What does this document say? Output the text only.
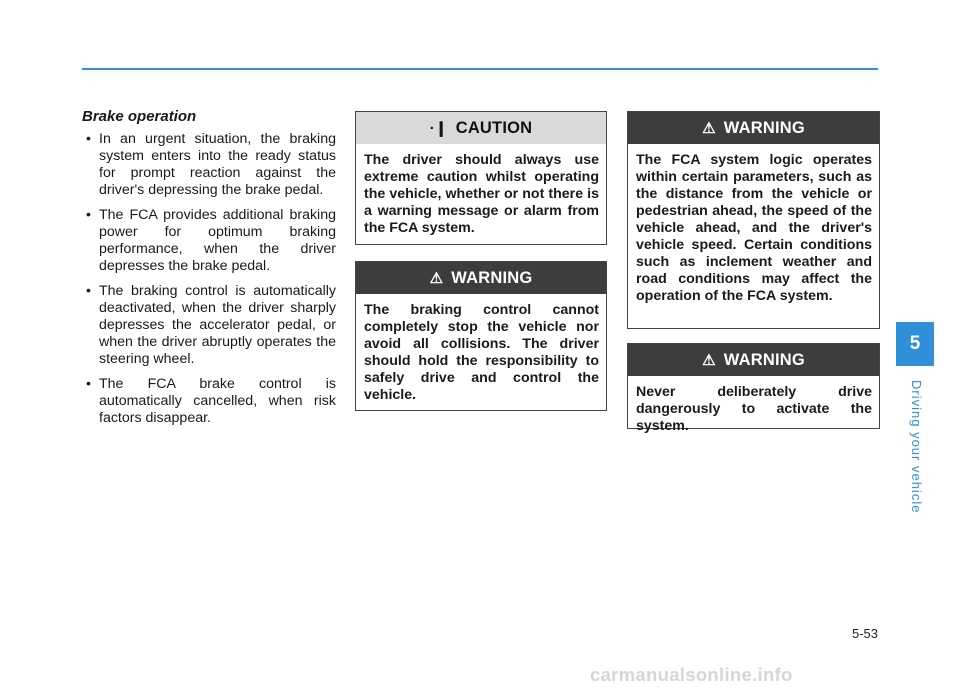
Brake operation
• In an urgent situation, the braking system enters into the ready status for prompt reaction against the driver's depressing the brake pedal.
• The FCA provides additional braking power for optimum braking performance, when the driver depresses the brake pedal.
• The braking control is automatically deactivated, when the driver sharply depresses the accelerator pedal, or when the driver abruptly operates the steering wheel.
• The FCA brake control is automatically cancelled, when risk factors disappear.
·❙ CAUTION
The driver should always use extreme caution whilst operating the vehicle, whether or not there is a warning message or alarm from the FCA system.
⚠ WARNING
The braking control cannot completely stop the vehicle nor avoid all collisions. The driver should hold the responsibility to safely drive and control the vehicle.
⚠ WARNING
The FCA system logic operates within certain parameters, such as the distance from the vehicle or pedestrian ahead, the speed of the vehicle ahead, and the driver's vehicle speed. Certain conditions such as inclement weather and road conditions may affect the operation of the FCA system.
⚠ WARNING
Never deliberately drive dangerously to activate the system.
5
Driving your vehicle
5-53
carmanualsonline.info
